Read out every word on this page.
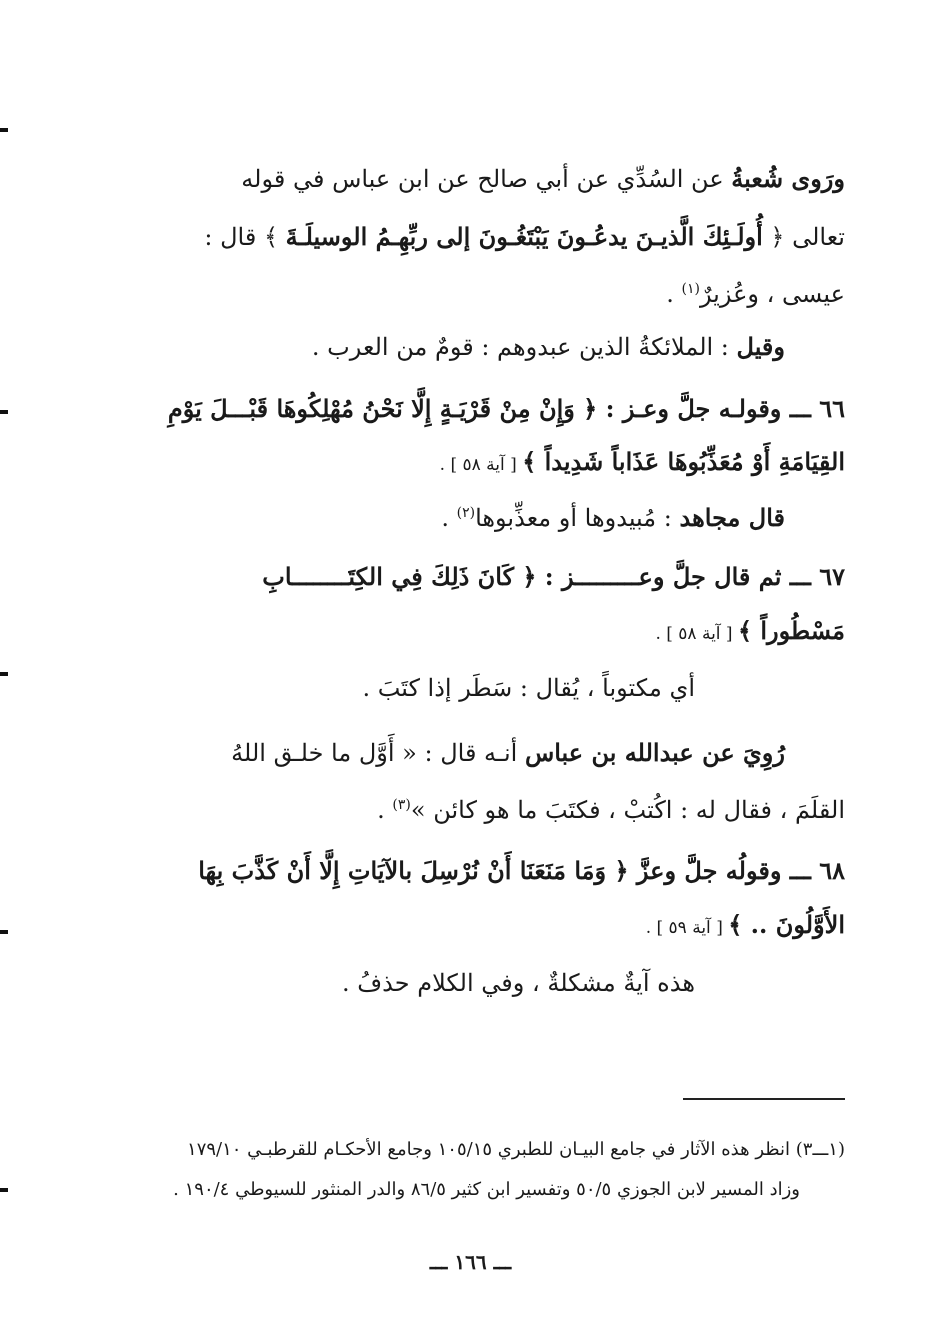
ورَوى شُعبةُ عن السُدِّي عن أبي صالح عن ابن عباس في قوله
تعالى ﴿ أُولَـئِكَ الَّذيـنَ يدعُـونَ يَبْتَغُـونَ إلى ربِّهِـمُ الوسيلَـةَ ﴾ قال :
عيسى ، وعُزيرٌ$^{(١)}$ .
وقيل : الملائكةُ الذين عبدوهم : قومٌ من العرب .
٦٦ ـــ وقولـه جلَّ وعـز : ﴿ وَإِنْ مِنْ قَرْيَـةٍ إِلَّا نَحْنُ مُهْلِكُوهَا قَبْـــلَ يَوْمِ
القِيَامَةِ أَوْ مُعَذِّبُوهَا عَذَاباً شَدِيداً ﴾ [ آية ٥٨ ] .
قال مجاهد : مُبيدوها أو معذِّبوها$^{(٢)}$ .
٦٧ ـــ ثم قال جلَّ وعـــــــــز : ﴿ كَانَ ذَلِكَ فِي الكِتَــــــــابِ
مَسْطُوراً ﴾ [ آية ٥٨ ] .
أي مكتوباً ، يُقال : سَطَر إذا كتَبَ .
رُوِيَ عن عبدالله بن عباس أنـه قال : « أَوَّل ما خلـق اللهُ
القلَمَ ، فقال له : اكُتبْ ، فكتَبَ ما هو كائن »$^{(٣)}$ .
٦٨ ـــ وقولُه جلَّ وعزَّ ﴿ وَمَا مَنَعَنَا أَنْ نُرْسِلَ بالآيَاتِ إِلَّا أَنْ كَذَّبَ بِهَا
الأَوَّلُونَ .. ﴾ [ آية ٥٩ ] .
هذه آيةٌ مشكلةٌ ، وفي الكلام حذفُ .
(١ـــ٣) انظر هذه الآثار في جامع البيـان للطبري ١٠٥/١٥ وجامع الأحكـام للقرطبـي ١٧٩/١٠
وزاد المسير لابن الجوزي ٥٠/٥ وتفسير ابن كثير ٨٦/٥ والدر المنثور للسيوطي ١٩٠/٤ .
ـــ ١٦٦ ـــ
